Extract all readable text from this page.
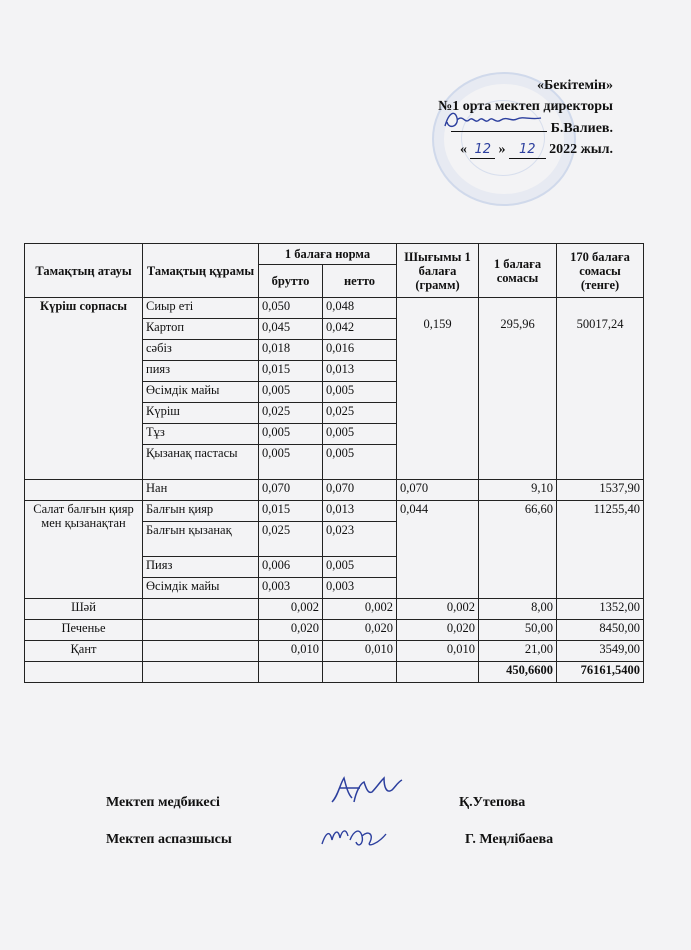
«Бекітемін»
№1 орта мектеп директоры
Б.Валиев.
« 12 » 12 2022 жыл.
Тамақтың атауы	Тамақтың құрамы	1 балаға норма		Шығымы 1 балаға (грамм)	1 балаға сомасы	170 балаға сомасы (тенге)
		брутто	нетто			
Күріш сорпасы	Сиыр еті	0,050	0,048	0,159	295,96	50017,24
	Картоп	0,045	0,042			
	сәбіз	0,018	0,016			
	пияз	0,015	0,013			
	Өсімдік майы	0,005	0,005			
	Күріш	0,025	0,025			
	Тұз	0,005	0,005			
	Қызанақ пастасы	0,005	0,005			
	Нан	0,070	0,070	0,070	9,10	1537,90
Салат балғын қияр мен қызанақтан	Балғын қияр	0,015	0,013	0,044	66,60	11255,40
	Балғын қызанақ	0,025	0,023			
	Пияз	0,006	0,005			
	Өсімдік майы	0,003	0,003			
Шәй		0,002	0,002	0,002	8,00	1352,00
Печенье		0,020	0,020	0,020	50,00	8450,00
Қант		0,010	0,010	0,010	21,00	3549,00
					450,6600	76161,5400
Мектеп медбикесі	Қ.Утепова
Мектеп аспазшысы	Г. Меңлібаева
